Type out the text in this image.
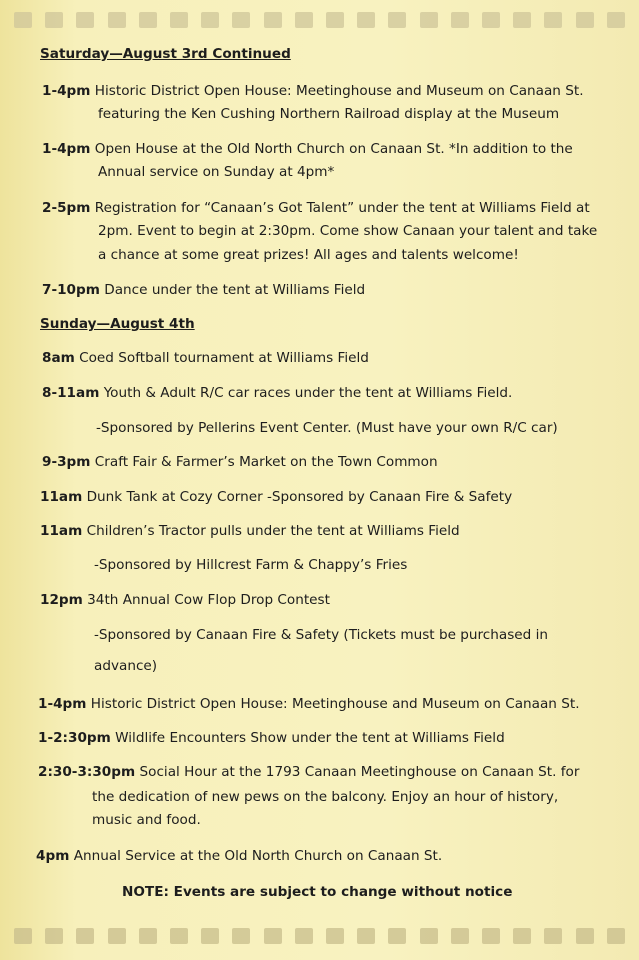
Saturday—August 3rd Continued
1-4pm Historic District Open House: Meetinghouse and Museum on Canaan St.
featuring the Ken Cushing Northern Railroad display at the Museum
1-4pm Open House at the Old North Church on Canaan St. *In addition to the
Annual service on Sunday at 4pm*
2-5pm Registration for “Canaan’s Got Talent” under the tent at Williams Field at
2pm. Event to begin at 2:30pm. Come show Canaan your talent and take
a chance at some great prizes! All ages and talents welcome!
7-10pm Dance under the tent at Williams Field
Sunday—August 4th
8am Coed Softball tournament at Williams Field
8-11am Youth & Adult R/C car races under the tent at Williams Field.
-Sponsored by Pellerins Event Center. (Must have your own R/C car)
9-3pm Craft Fair & Farmer’s Market on the Town Common
11am Dunk Tank at Cozy Corner -Sponsored by Canaan Fire & Safety
11am Children’s Tractor pulls under the tent at Williams Field
-Sponsored by Hillcrest Farm & Chappy’s Fries
12pm 34th Annual Cow Flop Drop Contest
-Sponsored by Canaan Fire & Safety (Tickets must be purchased in
advance)
1-4pm Historic District Open House: Meetinghouse and Museum on Canaan St.
1-2:30pm Wildlife Encounters Show under the tent at Williams Field
2:30-3:30pm Social Hour at the 1793 Canaan Meetinghouse on Canaan St. for
the dedication of new pews on the balcony. Enjoy an hour of history,
music and food.
4pm Annual Service at the Old North Church on Canaan St.
NOTE: Events are subject to change without notice
